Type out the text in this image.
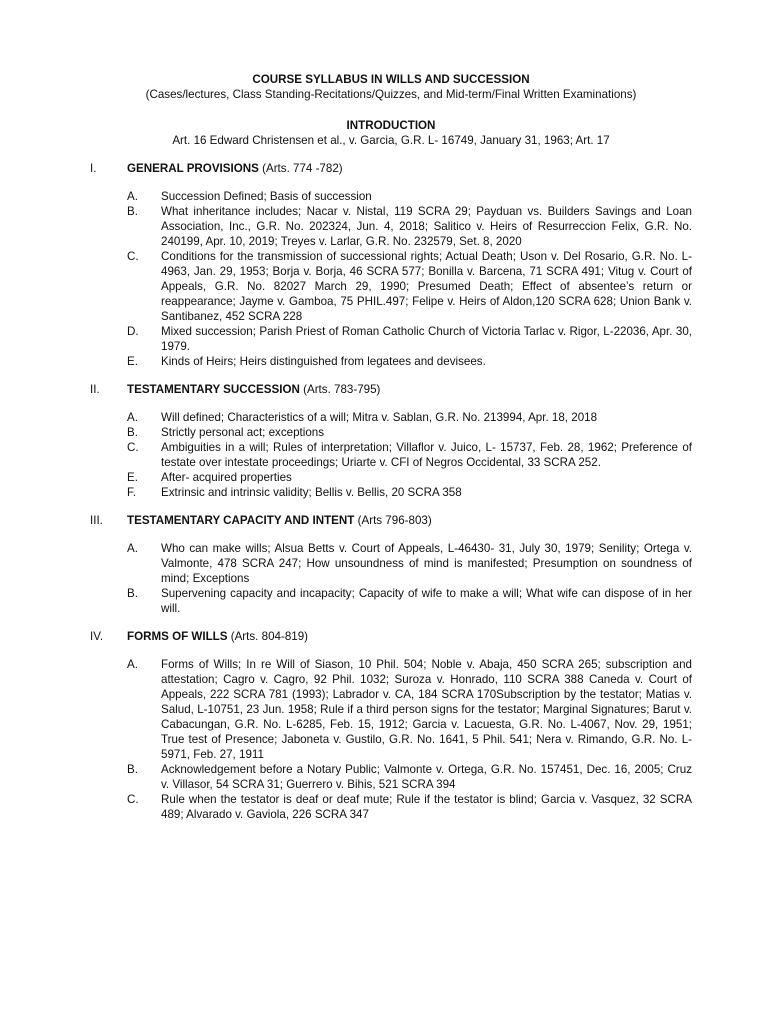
COURSE SYLLABUS IN WILLS AND SUCCESSION
(Cases/lectures, Class Standing-Recitations/Quizzes, and Mid-term/Final Written Examinations)
INTRODUCTION
Art. 16 Edward Christensen et al., v. Garcia, G.R. L- 16749, January 31, 1963; Art. 17
I.	GENERAL PROVISIONS (Arts. 774 -782)
A.	Succession Defined; Basis of succession
B.	What inheritance includes; Nacar v. Nistal, 119 SCRA 29; Payduan vs. Builders Savings and Loan Association, Inc., G.R. No. 202324, Jun. 4, 2018; Salitico v. Heirs of Resurreccion Felix, G.R. No. 240199, Apr. 10, 2019; Treyes v. Larlar, G.R. No. 232579, Set. 8, 2020
C.	Conditions for the transmission of successional rights; Actual Death; Uson v. Del Rosario, G.R. No. L-4963, Jan. 29, 1953; Borja v. Borja, 46 SCRA 577; Bonilla v. Barcena, 71 SCRA 491; Vitug v. Court of Appeals, G.R. No. 82027 March 29, 1990; Presumed Death; Effect of absentee’s return or reappearance; Jayme v. Gamboa, 75 PHIL.497; Felipe v. Heirs of Aldon,120 SCRA 628; Union Bank v. Santibanez, 452 SCRA 228
D.	Mixed succession; Parish Priest of Roman Catholic Church of Victoria Tarlac v. Rigor, L-22036, Apr. 30, 1979.
E.	Kinds of Heirs; Heirs distinguished from legatees and devisees.
II.	TESTAMENTARY SUCCESSION (Arts. 783-795)
A.	Will defined; Characteristics of a will; Mitra v. Sablan, G.R. No. 213994, Apr. 18, 2018
B.	Strictly personal act; exceptions
C.	Ambiguities in a will; Rules of interpretation; Villaflor v. Juico, L- 15737, Feb. 28, 1962; Preference of testate over intestate proceedings; Uriarte v. CFI of Negros Occidental, 33 SCRA 252.
E.	After- acquired properties
F.	Extrinsic and intrinsic validity; Bellis v. Bellis, 20 SCRA 358
III.	TESTAMENTARY CAPACITY AND INTENT (Arts 796-803)
A.	Who can make wills; Alsua Betts v. Court of Appeals, L-46430- 31, July 30, 1979; Senility; Ortega v. Valmonte, 478 SCRA 247; How unsoundness of mind is manifested; Presumption on soundness of mind; Exceptions
B.	Supervening capacity and incapacity; Capacity of wife to make a will; What wife can dispose of in her will.
IV.	FORMS OF WILLS (Arts. 804-819)
A.	Forms of Wills; In re Will of Siason, 10 Phil. 504; Noble v. Abaja, 450 SCRA 265; subscription and attestation; Cagro v. Cagro, 92 Phil. 1032; Suroza v. Honrado, 110 SCRA 388 Caneda v. Court of Appeals, 222 SCRA 781 (1993); Labrador v. CA, 184 SCRA 170Subscription by the testator; Matias v. Salud, L-10751, 23 Jun. 1958; Rule if a third person signs for the testator; Marginal Signatures; Barut v. Cabacungan, G.R. No. L-6285, Feb. 15, 1912; Garcia v. Lacuesta, G.R. No. L-4067, Nov. 29, 1951; True test of Presence; Jaboneta v. Gustilo, G.R. No. 1641, 5 Phil. 541; Nera v. Rimando, G.R. No. L-5971, Feb. 27, 1911
B.	Acknowledgement before a Notary Public; Valmonte v. Ortega, G.R. No. 157451, Dec. 16, 2005; Cruz v. Villasor, 54 SCRA 31; Guerrero v. Bihis, 521 SCRA 394
C.	Rule when the testator is deaf or deaf mute; Rule if the testator is blind; Garcia v. Vasquez, 32 SCRA 489; Alvarado v. Gaviola, 226 SCRA 347
